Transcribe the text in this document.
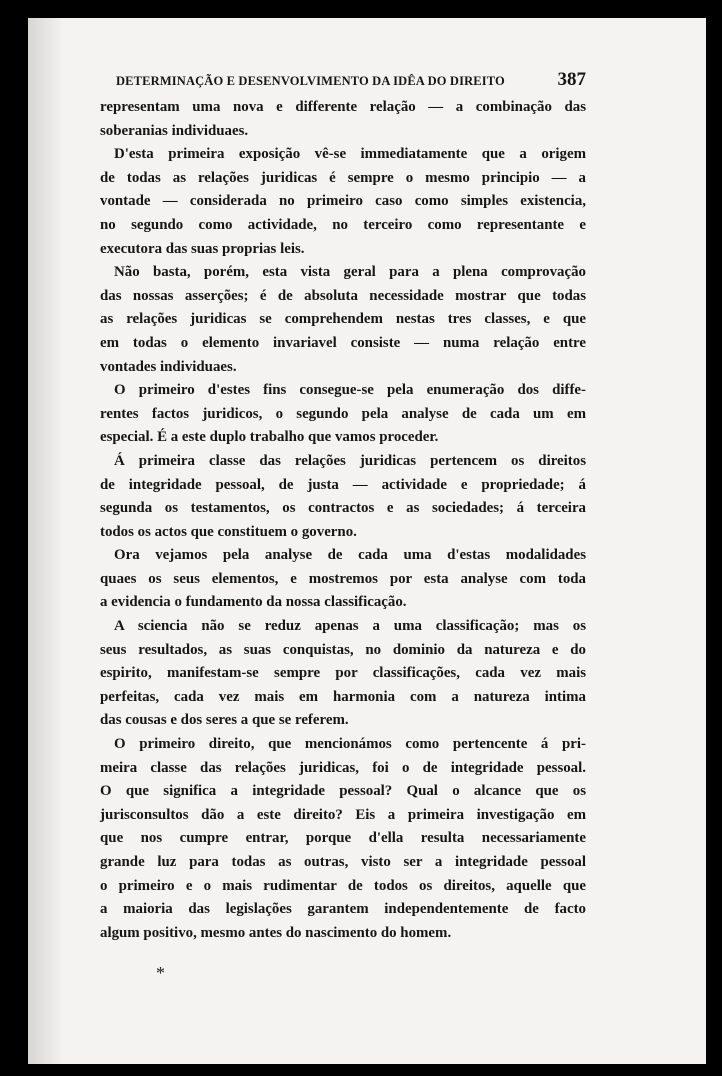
DETERMINAÇÃO E DESENVOLVIMENTO DA IDÊA DO DIREITO	387

representam uma nova e differente relação — a combinação das

soberanias individuaes.

D'esta primeira exposição vê-se immediatamente que a origem

de todas as relações juridicas é sempre o mesmo principio — a

vontade — considerada no primeiro caso como simples existencia,

no segundo como actividade, no terceiro como representante e

executora das suas proprias leis.

Não basta, porém, esta vista geral para a plena comprovação

das nossas asserções; é de absoluta necessidade mostrar que todas

as relações juridicas se comprehendem nestas tres classes, e que

em todas o elemento invariavel consiste — numa relação entre

vontades individuaes.

O primeiro d'estes fins consegue-se pela enumeração dos diffe-

rentes factos juridicos, o segundo pela analyse de cada um em

especial. É a este duplo trabalho que vamos proceder.

Á primeira classe das relações juridicas pertencem os direitos

de integridade pessoal, de justa — actividade e propriedade; á

segunda os testamentos, os contractos e as sociedades; á terceira

todos os actos que constituem o governo.

Ora vejamos pela analyse de cada uma d'estas modalidades

quaes os seus elementos, e mostremos por esta analyse com toda

a evidencia o fundamento da nossa classificação.

A sciencia não se reduz apenas a uma classificação; mas os

seus resultados, as suas conquistas, no dominio da natureza e do

espirito, manifestam-se sempre por classificações, cada vez mais

perfeitas, cada vez mais em harmonia com a natureza intima

das cousas e dos seres a que se referem.

O primeiro direito, que mencionámos como pertencente á pri-

meira classe das relações juridicas, foi o de integridade pessoal.

O que significa a integridade pessoal? Qual o alcance que os

jurisconsultos dão a este direito? Eis a primeira investigação em

que nos cumpre entrar, porque d'ella resulta necessariamente

grande luz para todas as outras, visto ser a integridade pessoal

o primeiro e o mais rudimentar de todos os direitos, aquelle que

a maioria das legislações garantem independentemente de facto

algum positivo, mesmo antes do nascimento do homem.

*
